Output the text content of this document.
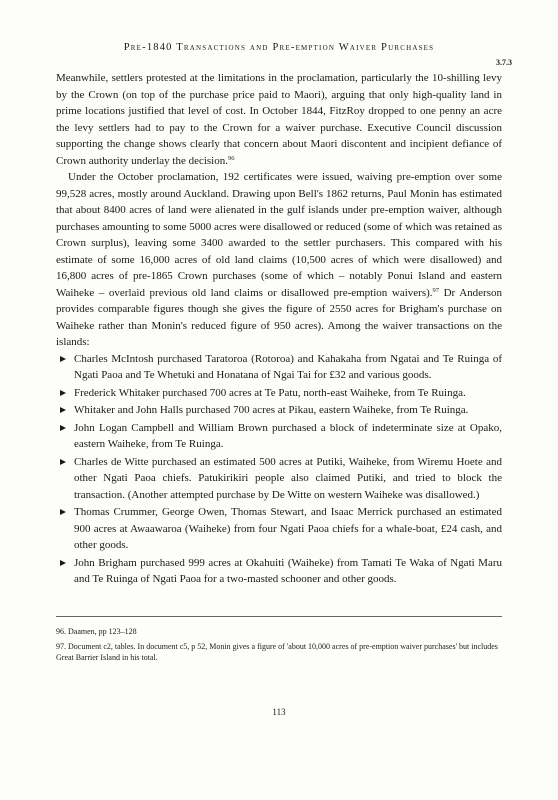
Pre-1840 Transactions and Pre-emption Waiver Purchases
3.7.3

Meanwhile, settlers protested at the limitations in the proclamation, particularly the 10-shilling levy by the Crown (on top of the purchase price paid to Maori), arguing that only high-quality land in prime locations justified that level of cost. In October 1844, FitzRoy dropped to one penny an acre the levy settlers had to pay to the Crown for a waiver purchase. Executive Council discussion supporting the change shows clearly that concern about Maori discontent and incipient defiance of Crown authority underlay the decision.$^{96}$

Under the October proclamation, 192 certificates were issued, waiving pre-emption over some 99,528 acres, mostly around Auckland. Drawing upon Bell's 1862 returns, Paul Monin has estimated that about 8400 acres of land were alienated in the gulf islands under pre-emption waiver, although purchases amounting to some 5000 acres were disallowed or reduced (some of which was retained as Crown surplus), leaving some 3400 awarded to the settler purchasers. This compared with his estimate of some 16,000 acres of old land claims (10,500 acres of which were disallowed) and 16,800 acres of pre-1865 Crown purchases (some of which – notably Ponui Island and eastern Waiheke – overlaid previous old land claims or disallowed pre-emption waivers).$^{97}$ Dr Anderson provides comparable figures though she gives the figure of 2550 acres for Brigham's purchase on Waiheke rather than Monin's reduced figure of 950 acres). Among the waiver transactions on the islands:

Charles McIntosh purchased Taratoroa (Rotoroa) and Kahakaha from Ngatai and Te Ruinga of Ngati Paoa and Te Whetuki and Honatana of Ngai Tai for £32 and various goods.
Frederick Whitaker purchased 700 acres at Te Patu, north-east Waiheke, from Te Ruinga.
Whitaker and John Halls purchased 700 acres at Pikau, eastern Waiheke, from Te Ruinga.
John Logan Campbell and William Brown purchased a block of indeterminate size at Opako, eastern Waiheke, from Te Ruinga.
Charles de Witte purchased an estimated 500 acres at Putiki, Waiheke, from Wiremu Hoete and other Ngati Paoa chiefs. Patukirikiri people also claimed Putiki, and tried to block the transaction. (Another attempted purchase by De Witte on western Waiheke was disallowed.)
Thomas Crummer, George Owen, Thomas Stewart, and Isaac Merrick purchased an estimated 900 acres at Awaawaroa (Waiheke) from four Ngati Paoa chiefs for a whale-boat, £24 cash, and other goods.
John Brigham purchased 999 acres at Okahuiti (Waiheke) from Tamati Te Waka of Ngati Maru and Te Ruinga of Ngati Paoa for a two-masted schooner and other goods.

96. Daamen, pp 123–128

97. Document c2, tables. In document c5, p 52, Monin gives a figure of 'about 10,000 acres of pre-emption waiver purchases' but includes Great Barrier Island in his total.

113
